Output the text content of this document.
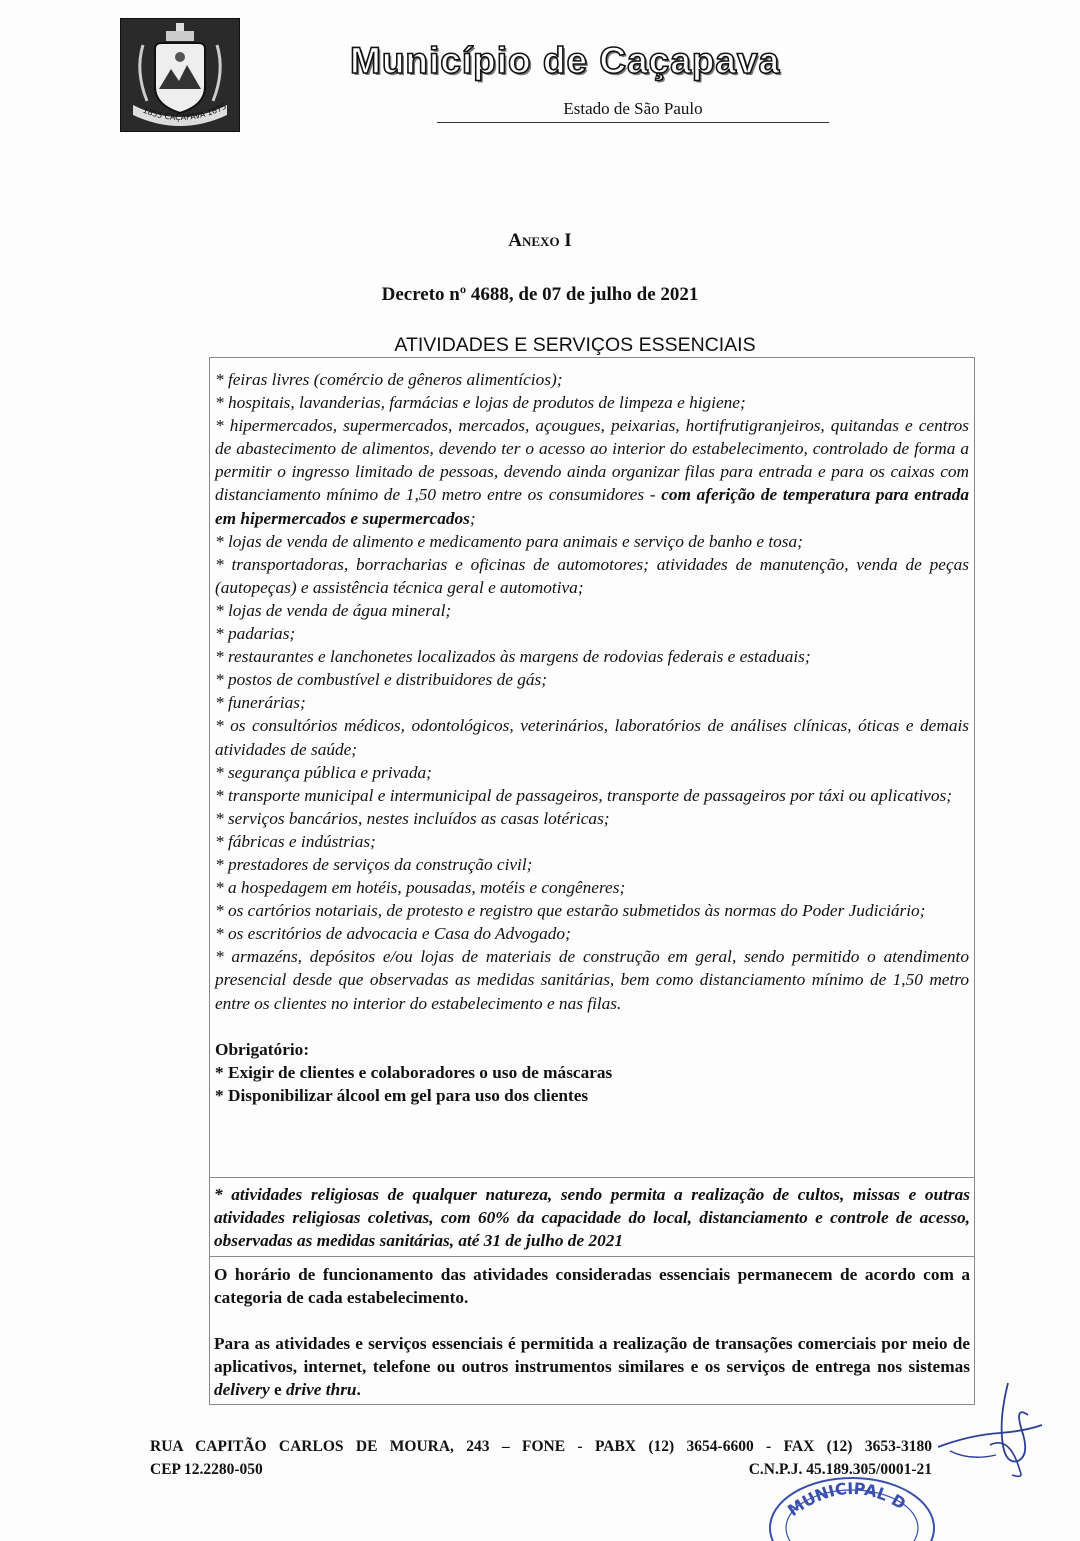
1855 CAÇAPAVA 1875
Município de Caçapava
Estado de São Paulo
Anexo I
Decreto nº 4688, de 07 de julho de 2021
ATIVIDADES E SERVIÇOS ESSENCIAIS
* feiras livres (comércio de gêneros alimentícios);
* hospitais, lavanderias, farmácias e lojas de produtos de limpeza e higiene;
* hipermercados, supermercados, mercados, açougues, peixarias, hortifrutigranjeiros, quitandas e centros de abastecimento de alimentos, devendo ter o acesso ao interior do estabelecimento, controlado de forma a permitir o ingresso limitado de pessoas, devendo ainda organizar filas para entrada e para os caixas com distanciamento mínimo de 1,50 metro entre os consumidores - com aferição de temperatura para entrada em hipermercados e supermercados;
* lojas de venda de alimento e medicamento para animais e serviço de banho e tosa;
* transportadoras, borracharias e oficinas de automotores; atividades de manutenção, venda de peças (autopeças) e assistência técnica geral e automotiva;
* lojas de venda de água mineral;
* padarias;
* restaurantes e lanchonetes localizados às margens de rodovias federais e estaduais;
* postos de combustível e distribuidores de gás;
* funerárias;
* os consultórios médicos, odontológicos, veterinários, laboratórios de análises clínicas, óticas e demais atividades de saúde;
* segurança pública e privada;
* transporte municipal e intermunicipal de passageiros, transporte de passageiros por táxi ou aplicativos;
* serviços bancários, nestes incluídos as casas lotéricas;
* fábricas e indústrias;
* prestadores de serviços da construção civil;
* a hospedagem em hotéis, pousadas, motéis e congêneres;
* os cartórios notariais, de protesto e registro que estarão submetidos às normas do Poder Judiciário;
* os escritórios de advocacia e Casa do Advogado;
* armazéns, depósitos e/ou lojas de materiais de construção em geral, sendo permitido o atendimento presencial desde que observadas as medidas sanitárias, bem como distanciamento mínimo de 1,50 metro entre os clientes no interior do estabelecimento e nas filas.
Obrigatório:
* Exigir de clientes e colaboradores o uso de máscaras
* Disponibilizar álcool em gel para uso dos clientes
* atividades religiosas de qualquer natureza, sendo permita a realização de cultos, missas e outras atividades religiosas coletivas, com 60% da capacidade do local, distanciamento e controle de acesso, observadas as medidas sanitárias, até 31 de julho de 2021
O horário de funcionamento das atividades consideradas essenciais permanecem de acordo com a categoria de cada estabelecimento.
Para as atividades e serviços essenciais é permitida a realização de transações comerciais por meio de aplicativos, internet, telefone ou outros instrumentos similares e os serviços de entrega nos sistemas delivery e drive thru.
RUA CAPITÃO CARLOS DE MOURA, 243 – FONE - PABX (12) 3654-6600 - FAX (12) 3653-3180
CEP 12.2280-050	C.N.P.J. 45.189.305/0001-21
MUNICIPAL D
